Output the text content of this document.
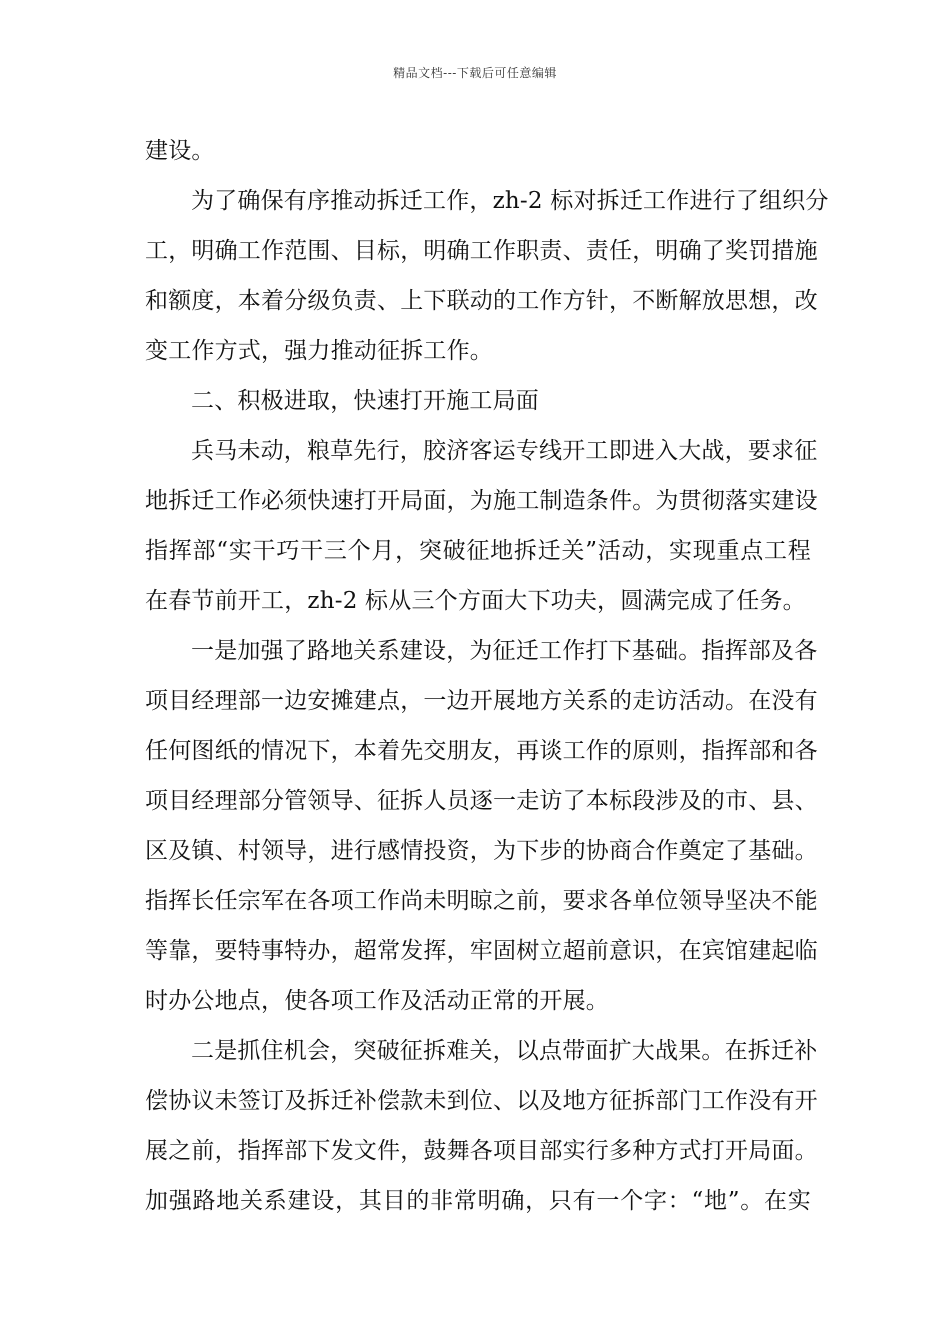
精品文档---下载后可任意编辑
建设。
为了确保有序推动拆迁工作，zh-2 标对拆迁工作进行了组织分
工，明确工作范围、目标，明确工作职责、责任，明确了奖罚措施
和额度，本着分级负责、上下联动的工作方针，不断解放思想，改
变工作方式，强力推动征拆工作。
二、积极进取，快速打开施工局面
兵马未动，粮草先行，胶济客运专线开工即进入大战，要求征
地拆迁工作必须快速打开局面，为施工制造条件。为贯彻落实建设
指挥部“实干巧干三个月，突破征地拆迁关”活动，实现重点工程
在春节前开工，zh-2 标从三个方面大下功夫，圆满完成了任务。
一是加强了路地关系建设，为征迁工作打下基础。指挥部及各
项目经理部一边安摊建点，一边开展地方关系的走访活动。在没有
任何图纸的情况下，本着先交朋友，再谈工作的原则，指挥部和各
项目经理部分管领导、征拆人员逐一走访了本标段涉及的市、县、
区及镇、村领导，进行感情投资，为下步的协商合作奠定了基础。
指挥长任宗军在各项工作尚未明晾之前，要求各单位领导坚决不能
等靠，要特事特办，超常发挥，牢固树立超前意识，在宾馆建起临
时办公地点，使各项工作及活动正常的开展。
二是抓住机会，突破征拆难关，以点带面扩大战果。在拆迁补
偿协议未签订及拆迁补偿款未到位、以及地方征拆部门工作没有开
展之前，指挥部下发文件，鼓舞各项目部实行多种方式打开局面。
加强路地关系建设，其目的非常明确，只有一个字：“地”。在实
